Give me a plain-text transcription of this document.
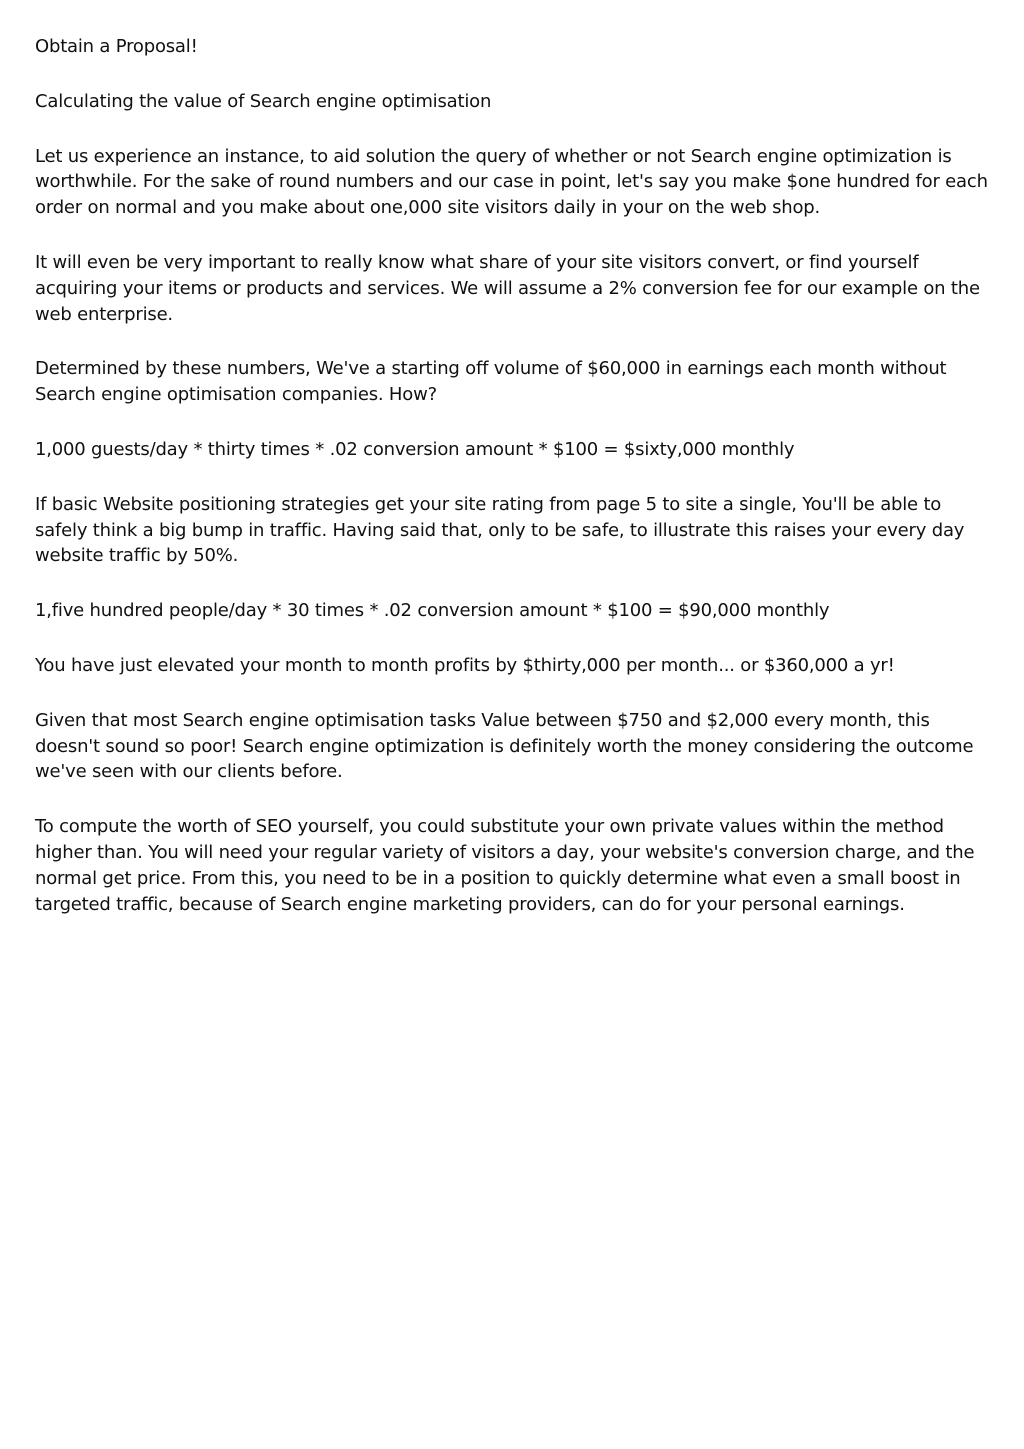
Obtain a Proposal!

Calculating the value of Search engine optimisation

Let us experience an instance, to aid solution the query of whether or not Search engine optimization is worthwhile. For the sake of round numbers and our case in point, let's say you make $one hundred for each order on normal and you make about one,000 site visitors daily in your on the web shop.

It will even be very important to really know what share of your site visitors convert, or find yourself acquiring your items or products and services. We will assume a 2% conversion fee for our example on the web enterprise.

Determined by these numbers, We've a starting off volume of $60,000 in earnings each month without Search engine optimisation companies. How?

1,000 guests/day * thirty times * .02 conversion amount * $100 = $sixty,000 monthly

If basic Website positioning strategies get your site rating from page 5 to site a single, You'll be able to safely think a big bump in traffic. Having said that, only to be safe, to illustrate this raises your every day website traffic by 50%.

1,five hundred people/day * 30 times * .02 conversion amount * $100 = $90,000 monthly

You have just elevated your month to month profits by $thirty,000 per month... or $360,000 a yr!

Given that most Search engine optimisation tasks Value between $750 and $2,000 every month, this doesn't sound so poor! Search engine optimization is definitely worth the money considering the outcome we've seen with our clients before.

To compute the worth of SEO yourself, you could substitute your own private values within the method higher than. You will need your regular variety of visitors a day, your website's conversion charge, and the normal get price. From this, you need to be in a position to quickly determine what even a small boost in targeted traffic, because of Search engine marketing providers, can do for your personal earnings.
